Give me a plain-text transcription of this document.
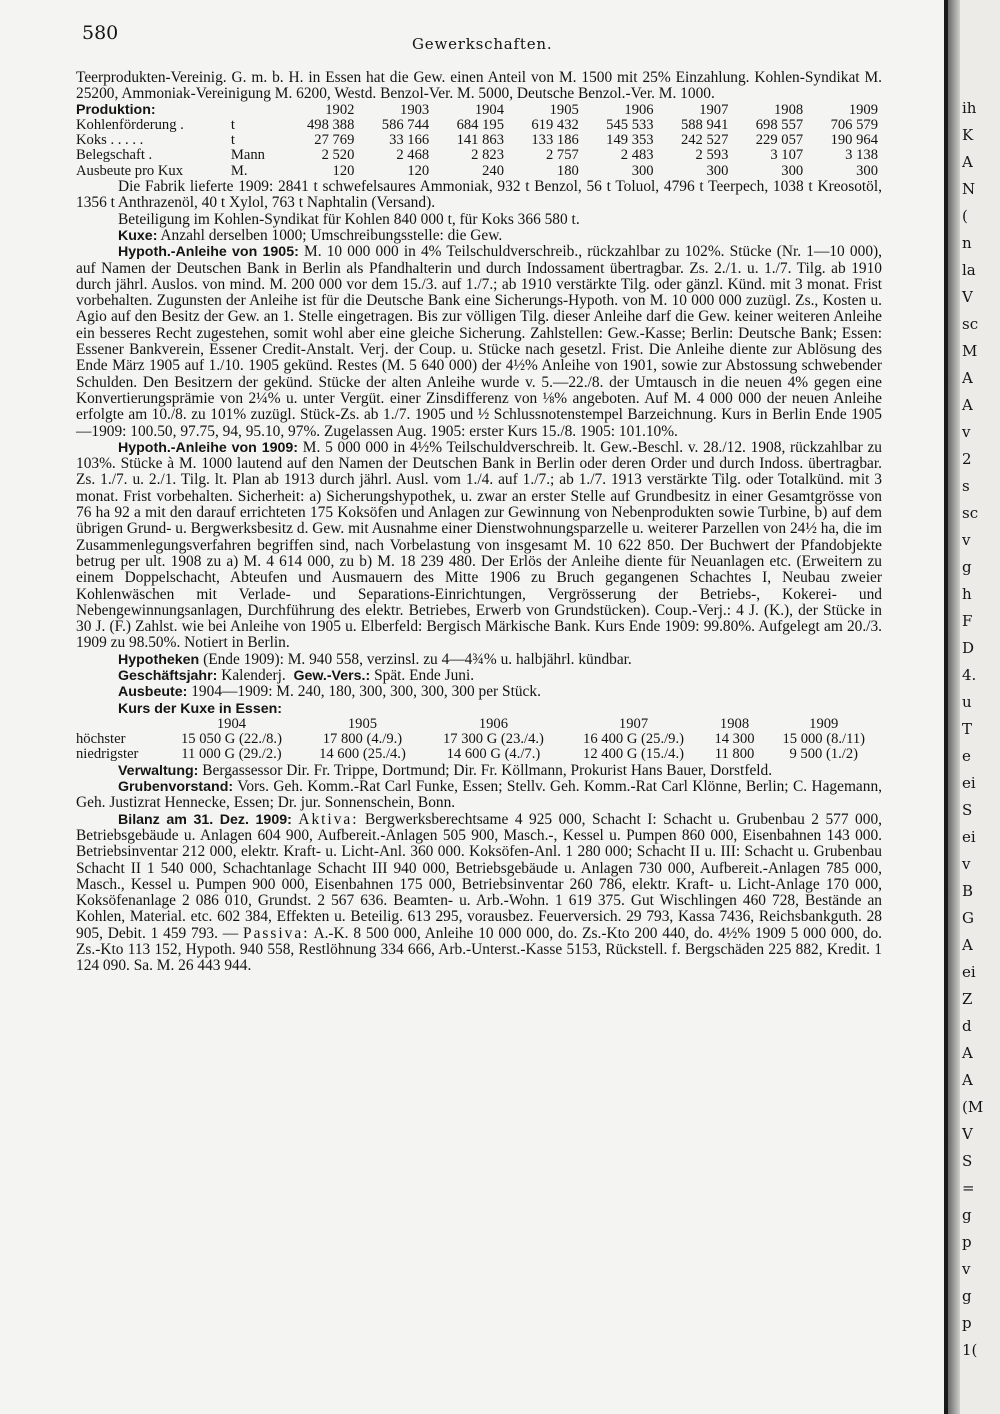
580	Gewerkschaften.

Teerprodukten-Vereinig. G. m. b. H. in Essen hat die Gew. einen Anteil von M. 1500 mit 25% Einzahlung. Kohlen-Syndikat M. 25200, Ammoniak-Vereinigung M. 6200, Westd. Benzol-Ver. M. 5000, Deutsche Benzol.-Ver. M. 1000.

Produktion:		1902	1903	1904	1905	1906	1907	1908	1909
Kohlenförderung .	t	498 388	586 744	684 195	619 432	545 533	588 941	698 557	706 579
Koks . . . . .	t	27 769	33 166	141 863	133 186	149 353	242 527	229 057	190 964
Belegschaft .	Mann	2 520	2 468	2 823	2 757	2 483	2 593	3 107	3 138
Ausbeute pro Kux	M.	120	120	240	180	300	300	300	300

Die Fabrik lieferte 1909: 2841 t schwefelsaures Ammoniak, 932 t Benzol, 56 t Toluol, 4796 t Teerpech, 1038 t Kreosotöl, 1356 t Anthrazenöl, 40 t Xylol, 763 t Naphtalin (Versand).

Beteiligung im Kohlen-Syndikat für Kohlen 840 000 t, für Koks 366 580 t.

Kuxe: Anzahl derselben 1000; Umschreibungsstelle: die Gew.

Hypoth.-Anleihe von 1905: M. 10 000 000 in 4% Teilschuldverschreib., rückzahlbar zu 102%. Stücke (Nr. 1—10 000), auf Namen der Deutschen Bank in Berlin als Pfandhalterin und durch Indossament übertragbar. Zs. 2./1. u. 1./7. Tilg. ab 1910 durch jährl. Auslos. von mind. M. 200 000 vor dem 15./3. auf 1./7.; ab 1910 verstärkte Tilg. oder gänzl. Künd. mit 3 monat. Frist vorbehalten. Zugunsten der Anleihe ist für die Deutsche Bank eine Sicherungs-Hypoth. von M. 10 000 000 zuzügl. Zs., Kosten u. Agio auf den Besitz der Gew. an 1. Stelle eingetragen. Bis zur völligen Tilg. dieser Anleihe darf die Gew. keiner weiteren Anleihe ein besseres Recht zugestehen, somit wohl aber eine gleiche Sicherung. Zahlstellen: Gew.-Kasse; Berlin: Deutsche Bank; Essen: Essener Bankverein, Essener Credit-Anstalt. Verj. der Coup. u. Stücke nach gesetzl. Frist. Die Anleihe diente zur Ablösung des Ende März 1905 auf 1./10. 1905 gekünd. Restes (M. 5 640 000) der 4½% Anleihe von 1901, sowie zur Abstossung schwebender Schulden. Den Besitzern der gekünd. Stücke der alten Anleihe wurde v. 5.—22./8. der Umtausch in die neuen 4% gegen eine Konvertierungsprämie von 2¼% u. unter Vergüt. einer Zinsdifferenz von ⅛% angeboten. Auf M. 4 000 000 der neuen Anleihe erfolgte am 10./8. zu 101% zuzügl. Stück-Zs. ab 1./7. 1905 und ½ Schlussnotenstempel Barzeichnung. Kurs in Berlin Ende 1905—1909: 100.50, 97.75, 94, 95.10, 97%. Zugelassen Aug. 1905: erster Kurs 15./8. 1905: 101.10%.

Hypoth.-Anleihe von 1909: M. 5 000 000 in 4½% Teilschuldverschreib. lt. Gew.-Beschl. v. 28./12. 1908, rückzahlbar zu 103%. Stücke à M. 1000 lautend auf den Namen der Deutschen Bank in Berlin oder deren Order und durch Indoss. übertragbar. Zs. 1./7. u. 2./1. Tilg. lt. Plan ab 1913 durch jährl. Ausl. vom 1./4. auf 1./7.; ab 1./7. 1913 verstärkte Tilg. oder Totalkünd. mit 3 monat. Frist vorbehalten. Sicherheit: a) Sicherungshypothek, u. zwar an erster Stelle auf Grundbesitz in einer Gesamtgrösse von 76 ha 92 a mit den darauf errichteten 175 Koksöfen und Anlagen zur Gewinnung von Nebenprodukten sowie Turbine, b) auf dem übrigen Grund- u. Bergwerksbesitz d. Gew. mit Ausnahme einer Dienstwohnungsparzelle u. weiterer Parzellen von 24½ ha, die im Zusammenlegungsverfahren begriffen sind, nach Vorbelastung von insgesamt M. 10 622 850. Der Buchwert der Pfandobjekte betrug per ult. 1908 zu a) M. 4 614 000, zu b) M. 18 239 480. Der Erlös der Anleihe diente für Neuanlagen etc. (Erweitern zu einem Doppelschacht, Abteufen und Ausmauern des Mitte 1906 zu Bruch gegangenen Schachtes I, Neubau zweier Kohlenwäschen mit Verlade- und Separations-Einrichtungen, Vergrösserung der Betriebs-, Kokerei- und Nebengewinnungsanlagen, Durchführung des elektr. Betriebes, Erwerb von Grundstücken). Coup.-Verj.: 4 J. (K.), der Stücke in 30 J. (F.) Zahlst. wie bei Anleihe von 1905 u. Elberfeld: Bergisch Märkische Bank. Kurs Ende 1909: 99.80%. Aufgelegt am 20./3. 1909 zu 98.50%. Notiert in Berlin.

Hypotheken (Ende 1909): M. 940 558, verzinsl. zu 4—4¾% u. halbjährl. kündbar.

Geschäftsjahr: Kalenderj. Gew.-Vers.: Spät. Ende Juni.

Ausbeute: 1904—1909: M. 240, 180, 300, 300, 300, 300 per Stück.

Kurs der Kuxe in Essen:

	1904	1905	1906	1907	1908	1909
höchster	15 050 G (22./8.)	17 800 (4./9.)	17 300 G (23./4.)	16 400 G (25./9.)	14 300	15 000 (8./11)
niedrigster	11 000 G (29./2.)	14 600 (25./4.)	14 600 G (4./7.)	12 400 G (15./4.)	11 800	9 500 (1./2)

Verwaltung: Bergassessor Dir. Fr. Trippe, Dortmund; Dir. Fr. Köllmann, Prokurist Hans Bauer, Dorstfeld.

Grubenvorstand: Vors. Geh. Komm.-Rat Carl Funke, Essen; Stellv. Geh. Komm.-Rat Carl Klönne, Berlin; C. Hagemann, Geh. Justizrat Hennecke, Essen; Dr. jur. Sonnenschein, Bonn.

Bilanz am 31. Dez. 1909: Aktiva: Bergwerksberechtsame 4 925 000, Schacht I: Schacht u. Grubenbau 2 577 000, Betriebsgebäude u. Anlagen 604 900, Aufbereit.-Anlagen 505 900, Masch.-, Kessel u. Pumpen 860 000, Eisenbahnen 143 000. Betriebsinventar 212 000, elektr. Kraft- u. Licht-Anl. 360 000. Koksöfen-Anl. 1 280 000; Schacht II u. III: Schacht u. Grubenbau Schacht II 1 540 000, Schachtanlage Schacht III 940 000, Betriebsgebäude u. Anlagen 730 000, Aufbereit.-Anlagen 785 000, Masch., Kessel u. Pumpen 900 000, Eisenbahnen 175 000, Betriebsinventar 260 786, elektr. Kraft- u. Licht-Anlage 170 000, Koksöfenanlage 2 086 010, Grundst. 2 567 636. Beamten- u. Arb.-Wohn. 1 619 375. Gut Wischlingen 460 728, Bestände an Kohlen, Material. etc. 602 384, Effekten u. Beteilig. 613 295, vorausbez. Feuerversich. 29 793, Kassa 7436, Reichsbankguth. 28 905, Debit. 1 459 793. — Passiva: A.-K. 8 500 000, Anleihe 10 000 000, do. Zs.-Kto 200 440, do. 4½% 1909 5 000 000, do. Zs.-Kto 113 152, Hypoth. 940 558, Restlöhnung 334 666, Arb.-Unterst.-Kasse 5153, Rückstell. f. Bergschäden 225 882, Kredit. 1 124 090. Sa. M. 26 443 944.

ih
K
A
N
(
n
la
V
sc
M
A
A
v
2
s
sc
v
g
h
F
D
4.
u
T
e
ei
S
ei
v
B
G
A
ei
Z
d
A
A
(M
V
S
=
g
p
v
g
p
1(
